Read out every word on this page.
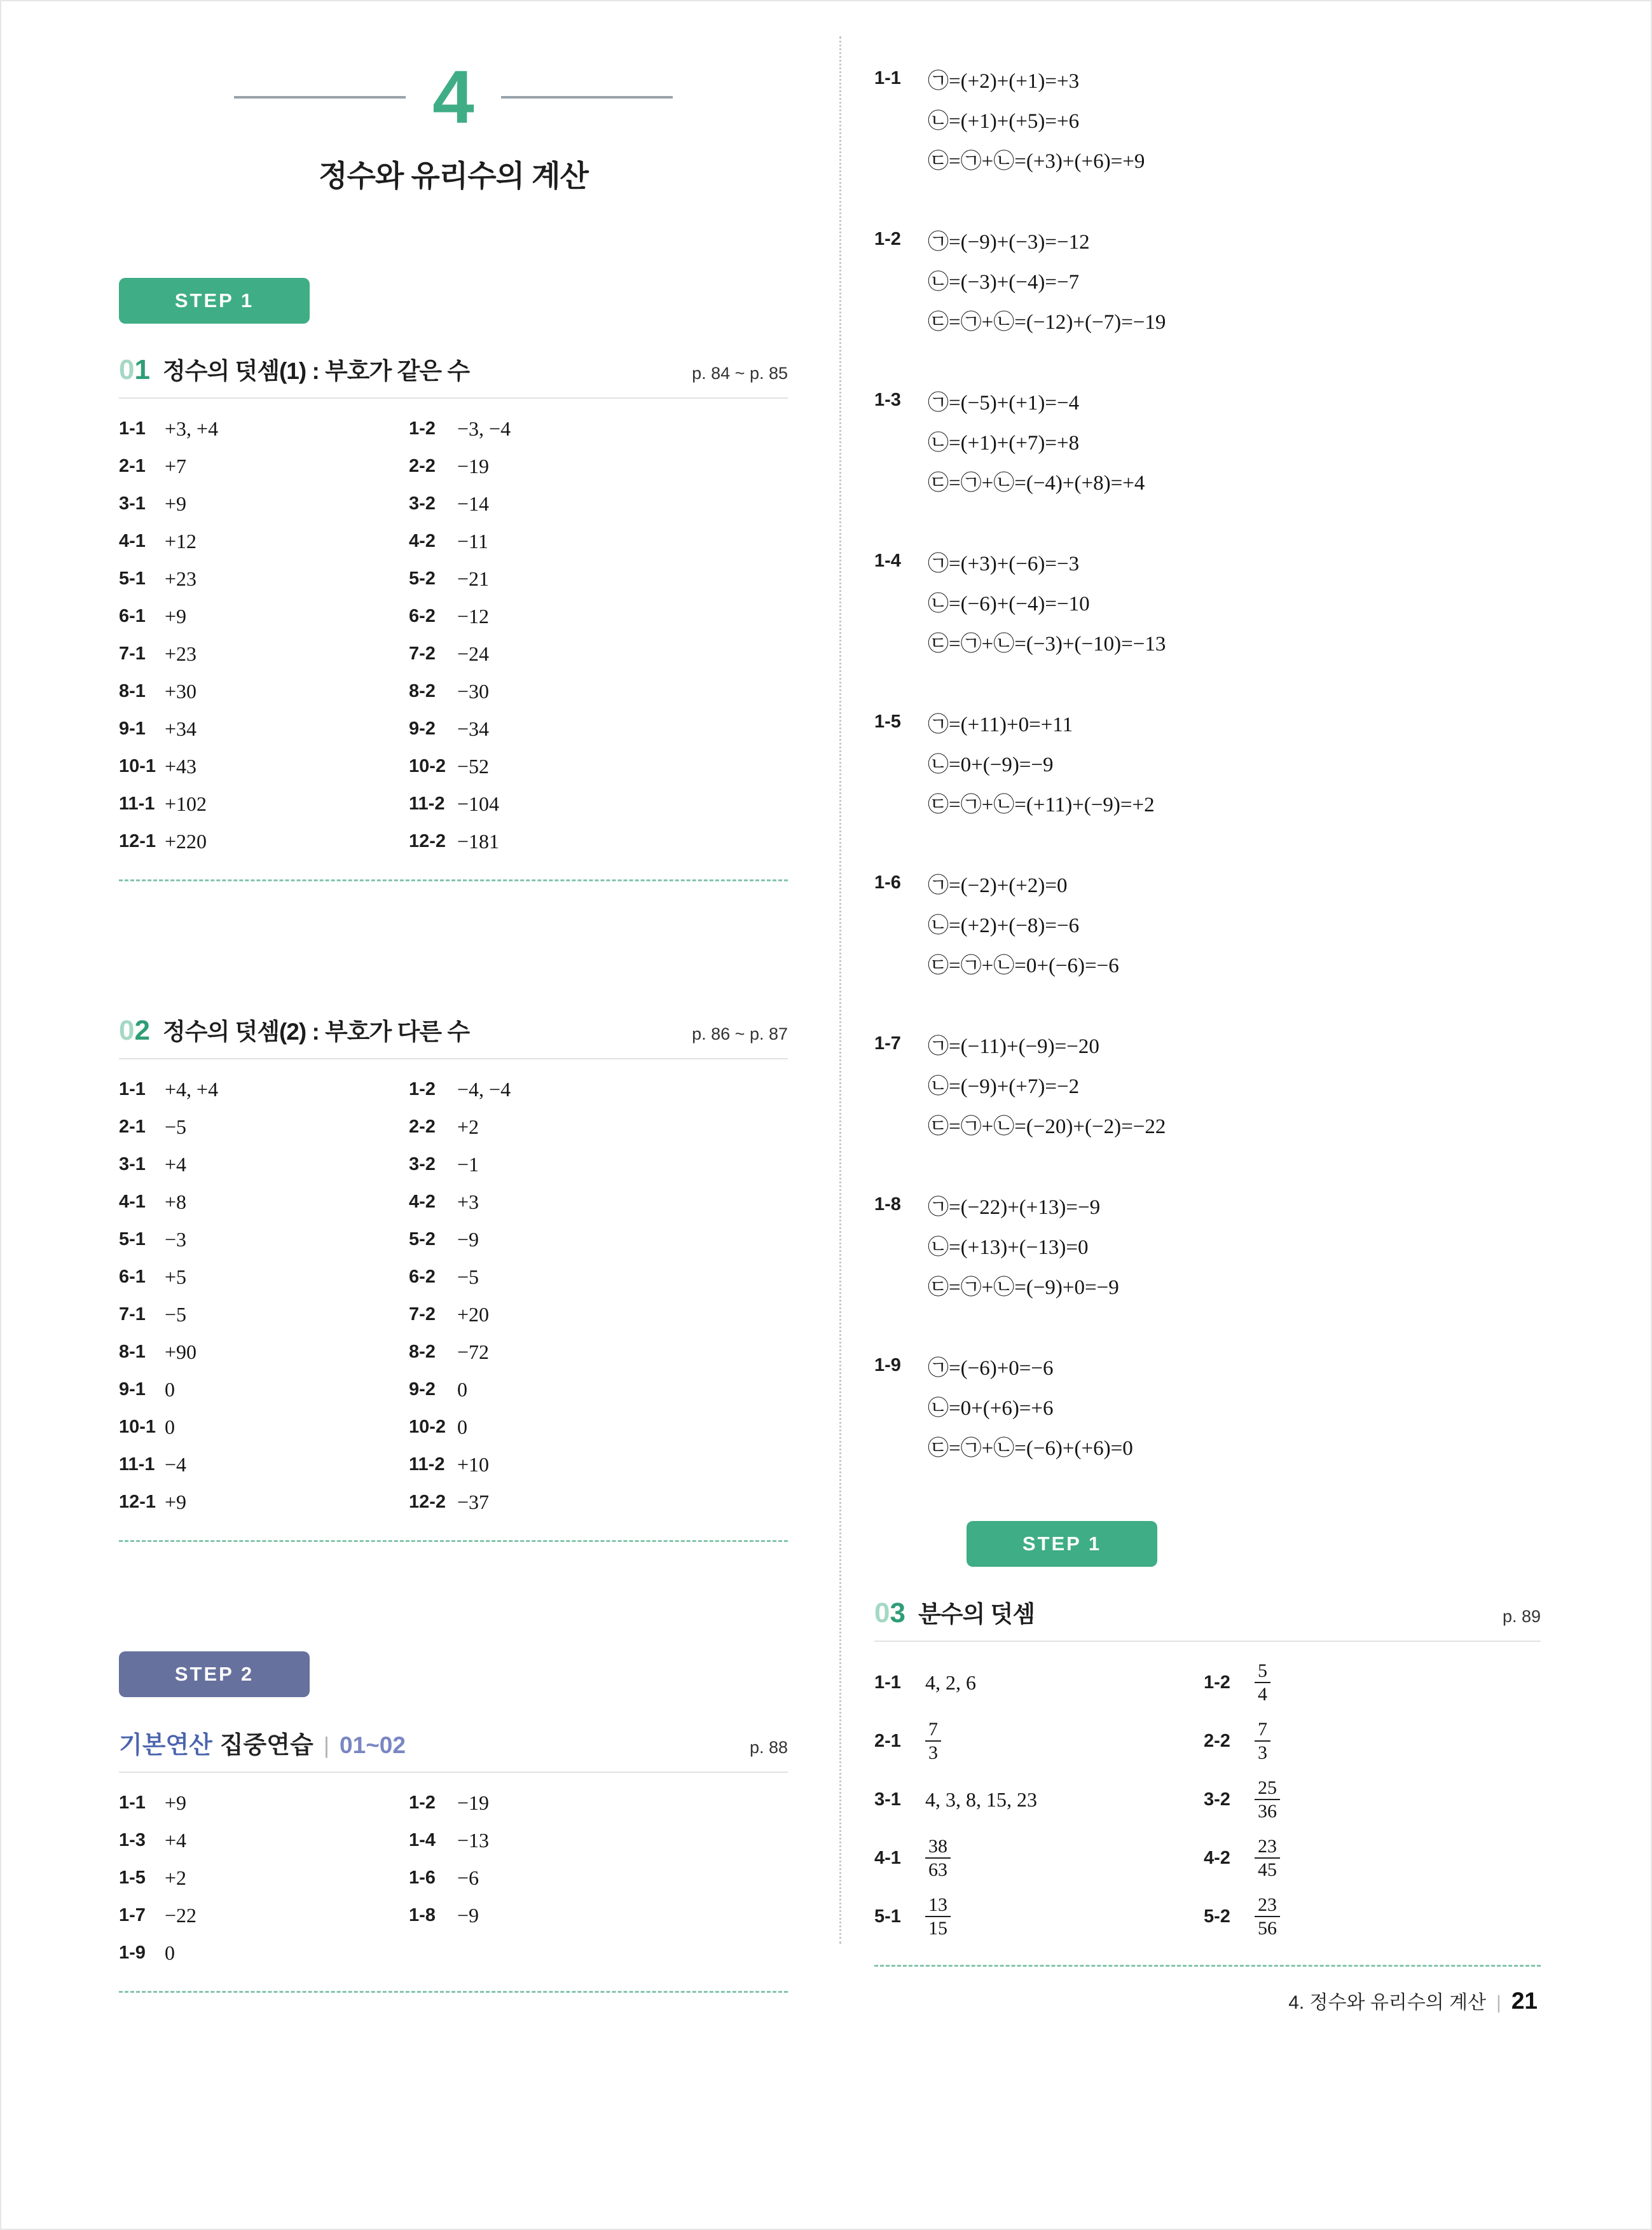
4
정수와 유리수의 계산
STEP 1
01 정수의 덧셈(1) : 부호가 같은 수	p. 84 ~ p. 85
1-1 +3, +4	1-2	−3, −4
2-1 +7	2-2	−19
3-1 +9	3-2	−14
4-1 +12	4-2	−11
5-1 +23	5-2	−21
6-1 +9	6-2	−12
7-1 +23	7-2	−24
8-1 +30	8-2	−30
9-1 +34	9-2	−34
10-1 +43	10-2 −52
11-1 +102	11-2 −104
12-1 +220	12-2 −181
02 정수의 덧셈(2) : 부호가 다른 수	p. 86 ~ p. 87
1-1 +4, +4	1-2	−4, −4
2-1 −5	2-2	+2
3-1 +4	3-2	−1
4-1 +8	4-2	+3
5-1 −3	5-2	−9
6-1 +5	6-2	−5
7-1 −5	7-2	+20
8-1 +90	8-2	−72
9-1 0	9-2	0
10-1 0	10-2 0
11-1 −4	11-2 +10
12-1 +9	12-2 −37
STEP 2
기본연산 집중연습 | 01~02	p. 88
1-1 +9	1-2	−19
1-3 +4	1-4	−13
1-5 +2	1-6	−6
1-7 −22	1-8	−9
1-9 0
1-1	㉠=(+2)+(+1)=+3
㉡=(+1)+(+5)=+6
㉢=㉠+㉡=(+3)+(+6)=+9
1-2	㉠=(−9)+(−3)=−12
㉡=(−3)+(−4)=−7
㉢=㉠+㉡=(−12)+(−7)=−19
1-3	㉠=(−5)+(+1)=−4
㉡=(+1)+(+7)=+8
㉢=㉠+㉡=(−4)+(+8)=+4
1-4	㉠=(+3)+(−6)=−3
㉡=(−6)+(−4)=−10
㉢=㉠+㉡=(−3)+(−10)=−13
1-5	㉠=(+11)+0=+11
㉡=0+(−9)=−9
㉢=㉠+㉡=(+11)+(−9)=+2
1-6	㉠=(−2)+(+2)=0
㉡=(+2)+(−8)=−6
㉢=㉠+㉡=0+(−6)=−6
1-7	㉠=(−11)+(−9)=−20
㉡=(−9)+(+7)=−2
㉢=㉠+㉡=(−20)+(−2)=−22
1-8	㉠=(−22)+(+13)=−9
㉡=(+13)+(−13)=0
㉢=㉠+㉡=(−9)+0=−9
1-9	㉠=(−6)+0=−6
㉡=0+(+6)=+6
㉢=㉠+㉡=(−6)+(+6)=0
STEP 1
03 분수의 덧셈	p. 89
1-1	4, 2, 6	1-2	$\frac{5}{4}$
2-1	$\frac{7}{3}$	2-2	$\frac{7}{3}$
3-1	4, 3, 8, 15, 23	3-2	$\frac{25}{36}$
4-1	$\frac{38}{63}$	4-2	$\frac{23}{45}$
5-1	$\frac{13}{15}$	5-2	$\frac{23}{56}$
4. 정수와 유리수의 계산 | 21
